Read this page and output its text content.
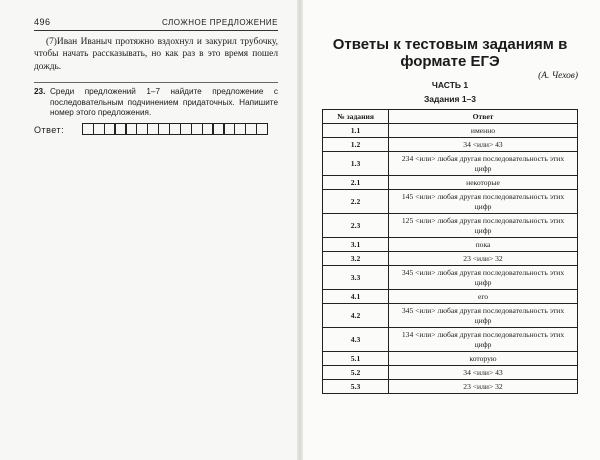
496	СЛОЖНОЕ ПРЕДЛОЖЕНИЕ
(7)Иван Иваныч протяжно вздохнул и закурил трубочку, чтобы начать рассказывать, но как раз в это время пошел дождь.
(А. Чехов)
23. Среди предложений 1–7 найдите предложение с последовательным подчинением придаточных. Напишите номер этого предложения.
Ответ:
Ответы к тестовым заданиям в формате ЕГЭ
ЧАСТЬ 1
Задания 1–3
№ задания	Ответ
1.1	именно
1.2	34 <или> 43
1.3	234 <или> любая другая последовательность этих цифр
2.1	некоторые
2.2	145 <или> любая другая последовательность этих цифр
2.3	125 <или> любая другая последовательность этих цифр
3.1	пока
3.2	23 <или> 32
3.3	345 <или> любая другая последовательность этих цифр
4.1	его
4.2	345 <или> любая другая последовательность этих цифр
4.3	134 <или> любая другая последовательность этих цифр
5.1	которую
5.2	34 <или> 43
5.3	23 <или> 32
